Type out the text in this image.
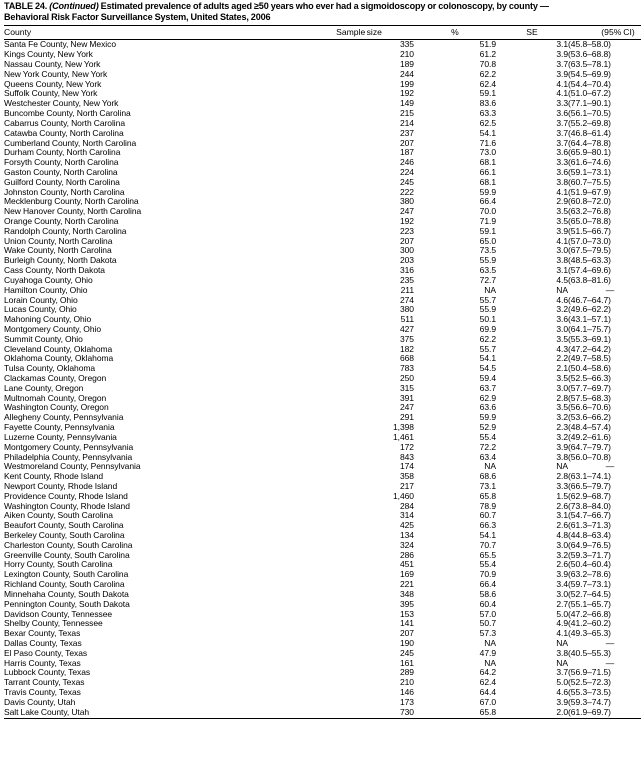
TABLE 24. (Continued) Estimated prevalence of adults aged ≥50 years who ever had a sigmoidoscopy or colonoscopy, by county —
Behavioral Risk Factor Surveillance System, United States, 2006
County	Sample size	%	SE	(95% CI)
Santa Fe County, New Mexico	335	51.9	3.1	(45.8–58.0)
Kings County, New York	210	61.2	3.9	(53.6–68.8)
Nassau County, New York	189	70.8	3.7	(63.5–78.1)
New York County, New York	244	62.2	3.9	(54.5–69.9)
Queens County, New York	199	62.4	4.1	(54.4–70.4)
Suffolk County, New York	192	59.1	4.1	(51.0–67.2)
Westchester County, New York	149	83.6	3.3	(77.1–90.1)
Buncombe County, North Carolina	215	63.3	3.6	(56.1–70.5)
Cabarrus County, North Carolina	214	62.5	3.7	(55.2–69.8)
Catawba County, North Carolina	237	54.1	3.7	(46.8–61.4)
Cumberland County, North Carolina	207	71.6	3.7	(64.4–78.8)
Durham County, North Carolina	187	73.0	3.6	(65.9–80.1)
Forsyth County, North Carolina	246	68.1	3.3	(61.6–74.6)
Gaston County, North Carolina	224	66.1	3.6	(59.1–73.1)
Guilford County, North Carolina	245	68.1	3.8	(60.7–75.5)
Johnston County, North Carolina	222	59.9	4.1	(51.9–67.9)
Mecklenburg County, North Carolina	380	66.4	2.9	(60.8–72.0)
New Hanover County, North Carolina	247	70.0	3.5	(63.2–76.8)
Orange County, North Carolina	192	71.9	3.5	(65.0–78.8)
Randolph County, North Carolina	223	59.1	3.9	(51.5–66.7)
Union County, North Carolina	207	65.0	4.1	(57.0–73.0)
Wake County, North Carolina	300	73.5	3.0	(67.5–79.5)
Burleigh County, North Dakota	203	55.9	3.8	(48.5–63.3)
Cass County, North Dakota	316	63.5	3.1	(57.4–69.6)
Cuyahoga County, Ohio	235	72.7	4.5	(63.8–81.6)
Hamilton County, Ohio	211	NA	NA	—
Lorain County, Ohio	274	55.7	4.6	(46.7–64.7)
Lucas County, Ohio	380	55.9	3.2	(49.6–62.2)
Mahoning County, Ohio	511	50.1	3.6	(43.1–57.1)
Montgomery County, Ohio	427	69.9	3.0	(64.1–75.7)
Summit County, Ohio	375	62.2	3.5	(55.3–69.1)
Cleveland County, Oklahoma	182	55.7	4.3	(47.2–64.2)
Oklahoma County, Oklahoma	668	54.1	2.2	(49.7–58.5)
Tulsa County, Oklahoma	783	54.5	2.1	(50.4–58.6)
Clackamas County, Oregon	250	59.4	3.5	(52.5–66.3)
Lane County, Oregon	315	63.7	3.0	(57.7–69.7)
Multnomah County, Oregon	391	62.9	2.8	(57.5–68.3)
Washington County, Oregon	247	63.6	3.5	(56.6–70.6)
Allegheny County, Pennsylvania	291	59.9	3.2	(53.6–66.2)
Fayette County, Pennsylvania	1,398	52.9	2.3	(48.4–57.4)
Luzerne County, Pennsylvania	1,461	55.4	3.2	(49.2–61.6)
Montgomery County, Pennsylvania	172	72.2	3.9	(64.7–79.7)
Philadelphia County, Pennsylvania	843	63.4	3.8	(56.0–70.8)
Westmoreland County, Pennsylvania	174	NA	NA	—
Kent County, Rhode Island	358	68.6	2.8	(63.1–74.1)
Newport County, Rhode Island	217	73.1	3.3	(66.5–79.7)
Providence County, Rhode Island	1,460	65.8	1.5	(62.9–68.7)
Washington County, Rhode Island	284	78.9	2.6	(73.8–84.0)
Aiken County, South Carolina	314	60.7	3.1	(54.7–66.7)
Beaufort County, South Carolina	425	66.3	2.6	(61.3–71.3)
Berkeley County, South Carolina	134	54.1	4.8	(44.8–63.4)
Charleston County, South Carolina	324	70.7	3.0	(64.9–76.5)
Greenville County, South Carolina	286	65.5	3.2	(59.3–71.7)
Horry County, South Carolina	451	55.4	2.6	(50.4–60.4)
Lexington County, South Carolina	169	70.9	3.9	(63.2–78.6)
Richland County, South Carolina	221	66.4	3.4	(59.7–73.1)
Minnehaha County, South Dakota	348	58.6	3.0	(52.7–64.5)
Pennington County, South Dakota	395	60.4	2.7	(55.1–65.7)
Davidson County, Tennessee	153	57.0	5.0	(47.2–66.8)
Shelby County, Tennessee	141	50.7	4.9	(41.2–60.2)
Bexar County, Texas	207	57.3	4.1	(49.3–65.3)
Dallas County, Texas	190	NA	NA	—
El Paso County, Texas	245	47.9	3.8	(40.5–55.3)
Harris County, Texas	161	NA	NA	—
Lubbock County, Texas	289	64.2	3.7	(56.9–71.5)
Tarrant County, Texas	210	62.4	5.0	(52.5–72.3)
Travis County, Texas	146	64.4	4.6	(55.3–73.5)
Davis County, Utah	173	67.0	3.9	(59.3–74.7)
Salt Lake County, Utah	730	65.8	2.0	(61.9–69.7)
